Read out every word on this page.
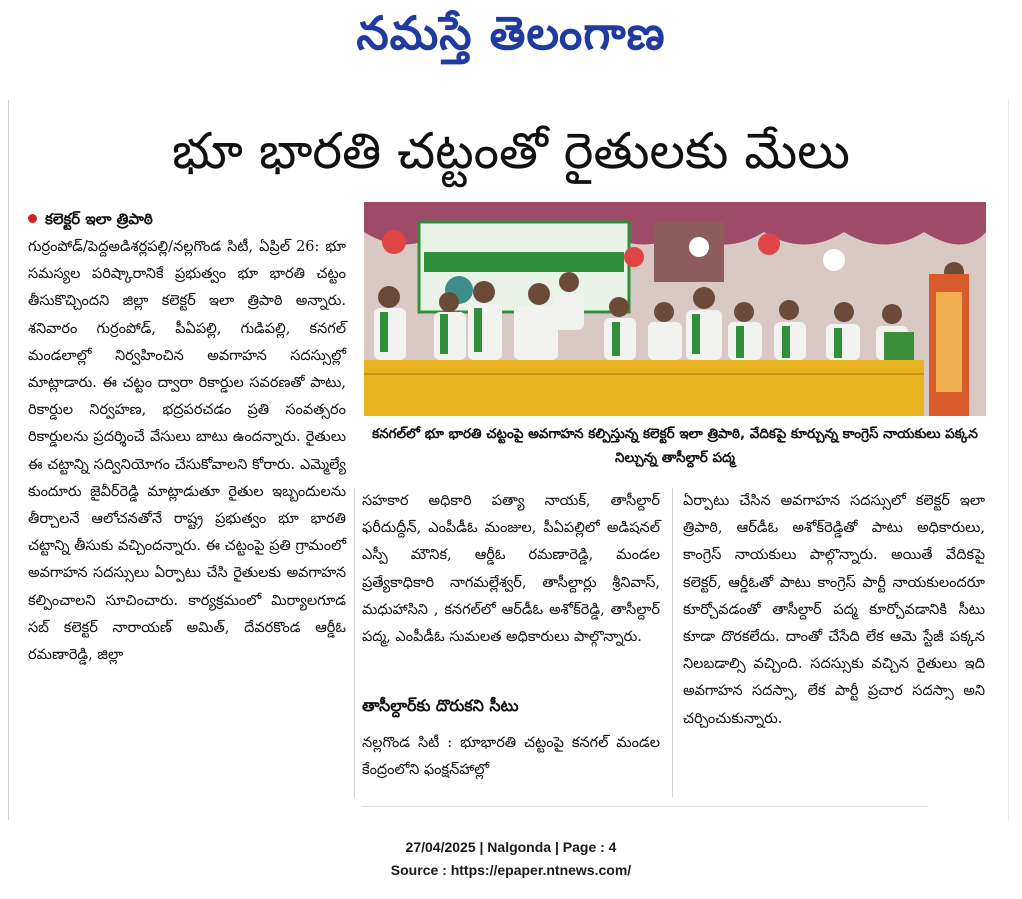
నమస్తే తెలంగాణ
భూ భారతి చట్టంతో రైతులకు మేలు
కలెక్టర్ ఇలా త్రిపాఠి

గుర్రంపోడ్/పెద్దఅడిశర్లపల్లి/నల్లగొండ సిటీ, ఏప్రిల్ 26: భూ సమస్యల పరిష్కారానికే ప్రభుత్వం భూ భారతి చట్టం తీసుకొచ్చిందని జిల్లా కలెక్టర్ ఇలా త్రిపాఠి అన్నారు. శనివారం గుర్రంపోడ్, పీఏపల్లి, గుడిపల్లి, కనగల్ మండలాల్లో నిర్వహించిన అవగాహన సదస్సుల్లో మాట్లాడారు. ఈ చట్టం ద్వారా రికార్డుల సవరణతో పాటు, రికార్డుల నిర్వహణ, భద్రపరచడం ప్రతి సంవత్సరం రికార్డులను ప్రదర్శించే వేసులు బాటు ఉందన్నారు. రైతులు ఈ చట్టాన్ని సద్వినియోగం చేసుకోవాలని కోరారు. ఎమ్మెల్యే కుందూరు జైవీర్‌రెడ్డి మాట్లాడుతూ రైతుల ఇబ్బందులను తీర్చాలనే ఆలోచనతోనే రాష్ట్ర ప్రభుత్వం భూ భారతి చట్టాన్ని తీసుకు వచ్చిందన్నారు. ఈ చట్టంపై ప్రతి గ్రామంలో అవగాహన సదస్సులు ఏర్పాటు చేసి రైతులకు అవగాహన కల్పించాలని సూచించారు. కార్యక్రమంలో మిర్యాలగూడ సబ్ కలెక్టర్ నారాయణ్ అమిత్, దేవరకొండ ఆర్డీఓ రమణారెడ్డి, జిల్లా

కనగల్‌లో భూ భారతి చట్టంపై అవగాహన కల్పిస్తున్న కలెక్టర్ ఇలా త్రిపాఠి, వేదికపై కూర్చున్న కాంగ్రెస్ నాయకులు పక్కన నిల్చున్న తాసీల్దార్ పద్మ

సహకార అధికారి పత్యా నాయక్, తాసీల్దార్ ఫరీదుద్దీన్, ఎంపీడీఓ మంజుల, పీఏపల్లిలో అడిషనల్ ఎస్పీ మౌనిక, ఆర్డీఓ రమణారెడ్డి, మండల ప్రత్యేకాధికారి నాగమల్లేశ్వర్, తాసీల్దార్లు శ్రీనివాస్, మధుహాసిని , కనగల్‌లో ఆర్‌డీఓ అశోక్‌రెడ్డి, తాసీల్దార్ పద్మ, ఎంపీడీఓ సుమలత అధికారులు పాల్గొన్నారు.

తాసీల్దార్‌కు దొరుకని సీటు

నల్లగొండ సిటీ : భూభారతి చట్టంపై కనగల్ మండల కేంద్రంలోని ఫంక్షన్‌హాల్లో

ఏర్పాటు చేసిన అవగాహన సదస్సులో కలెక్టర్ ఇలా త్రిపాఠి, ఆర్‌డీఓ అశోక్‌రెడ్డితో పాటు అధికారులు, కాంగ్రెస్ నాయకులు పాల్గొన్నారు. అయితే వేదికపై కలెక్టర్, ఆర్డీఓతో పాటు కాంగ్రెస్ పార్టీ నాయకులందరూ కూర్చోవడంతో తాసీల్దార్ పద్మ కూర్చోవడానికి సీటు కూడా దొరకలేదు. దాంతో చేసేది లేక ఆమె స్టేజీ పక్కన నిలబడాల్సి వచ్చింది. సదస్సుకు వచ్చిన రైతులు ఇది అవగాహన సదస్సా, లేక పార్టీ ప్రచార సదస్సా అని చర్చించుకున్నారు.

27/04/2025 | Nalgonda | Page : 4
Source : https://epaper.ntnews.com/
